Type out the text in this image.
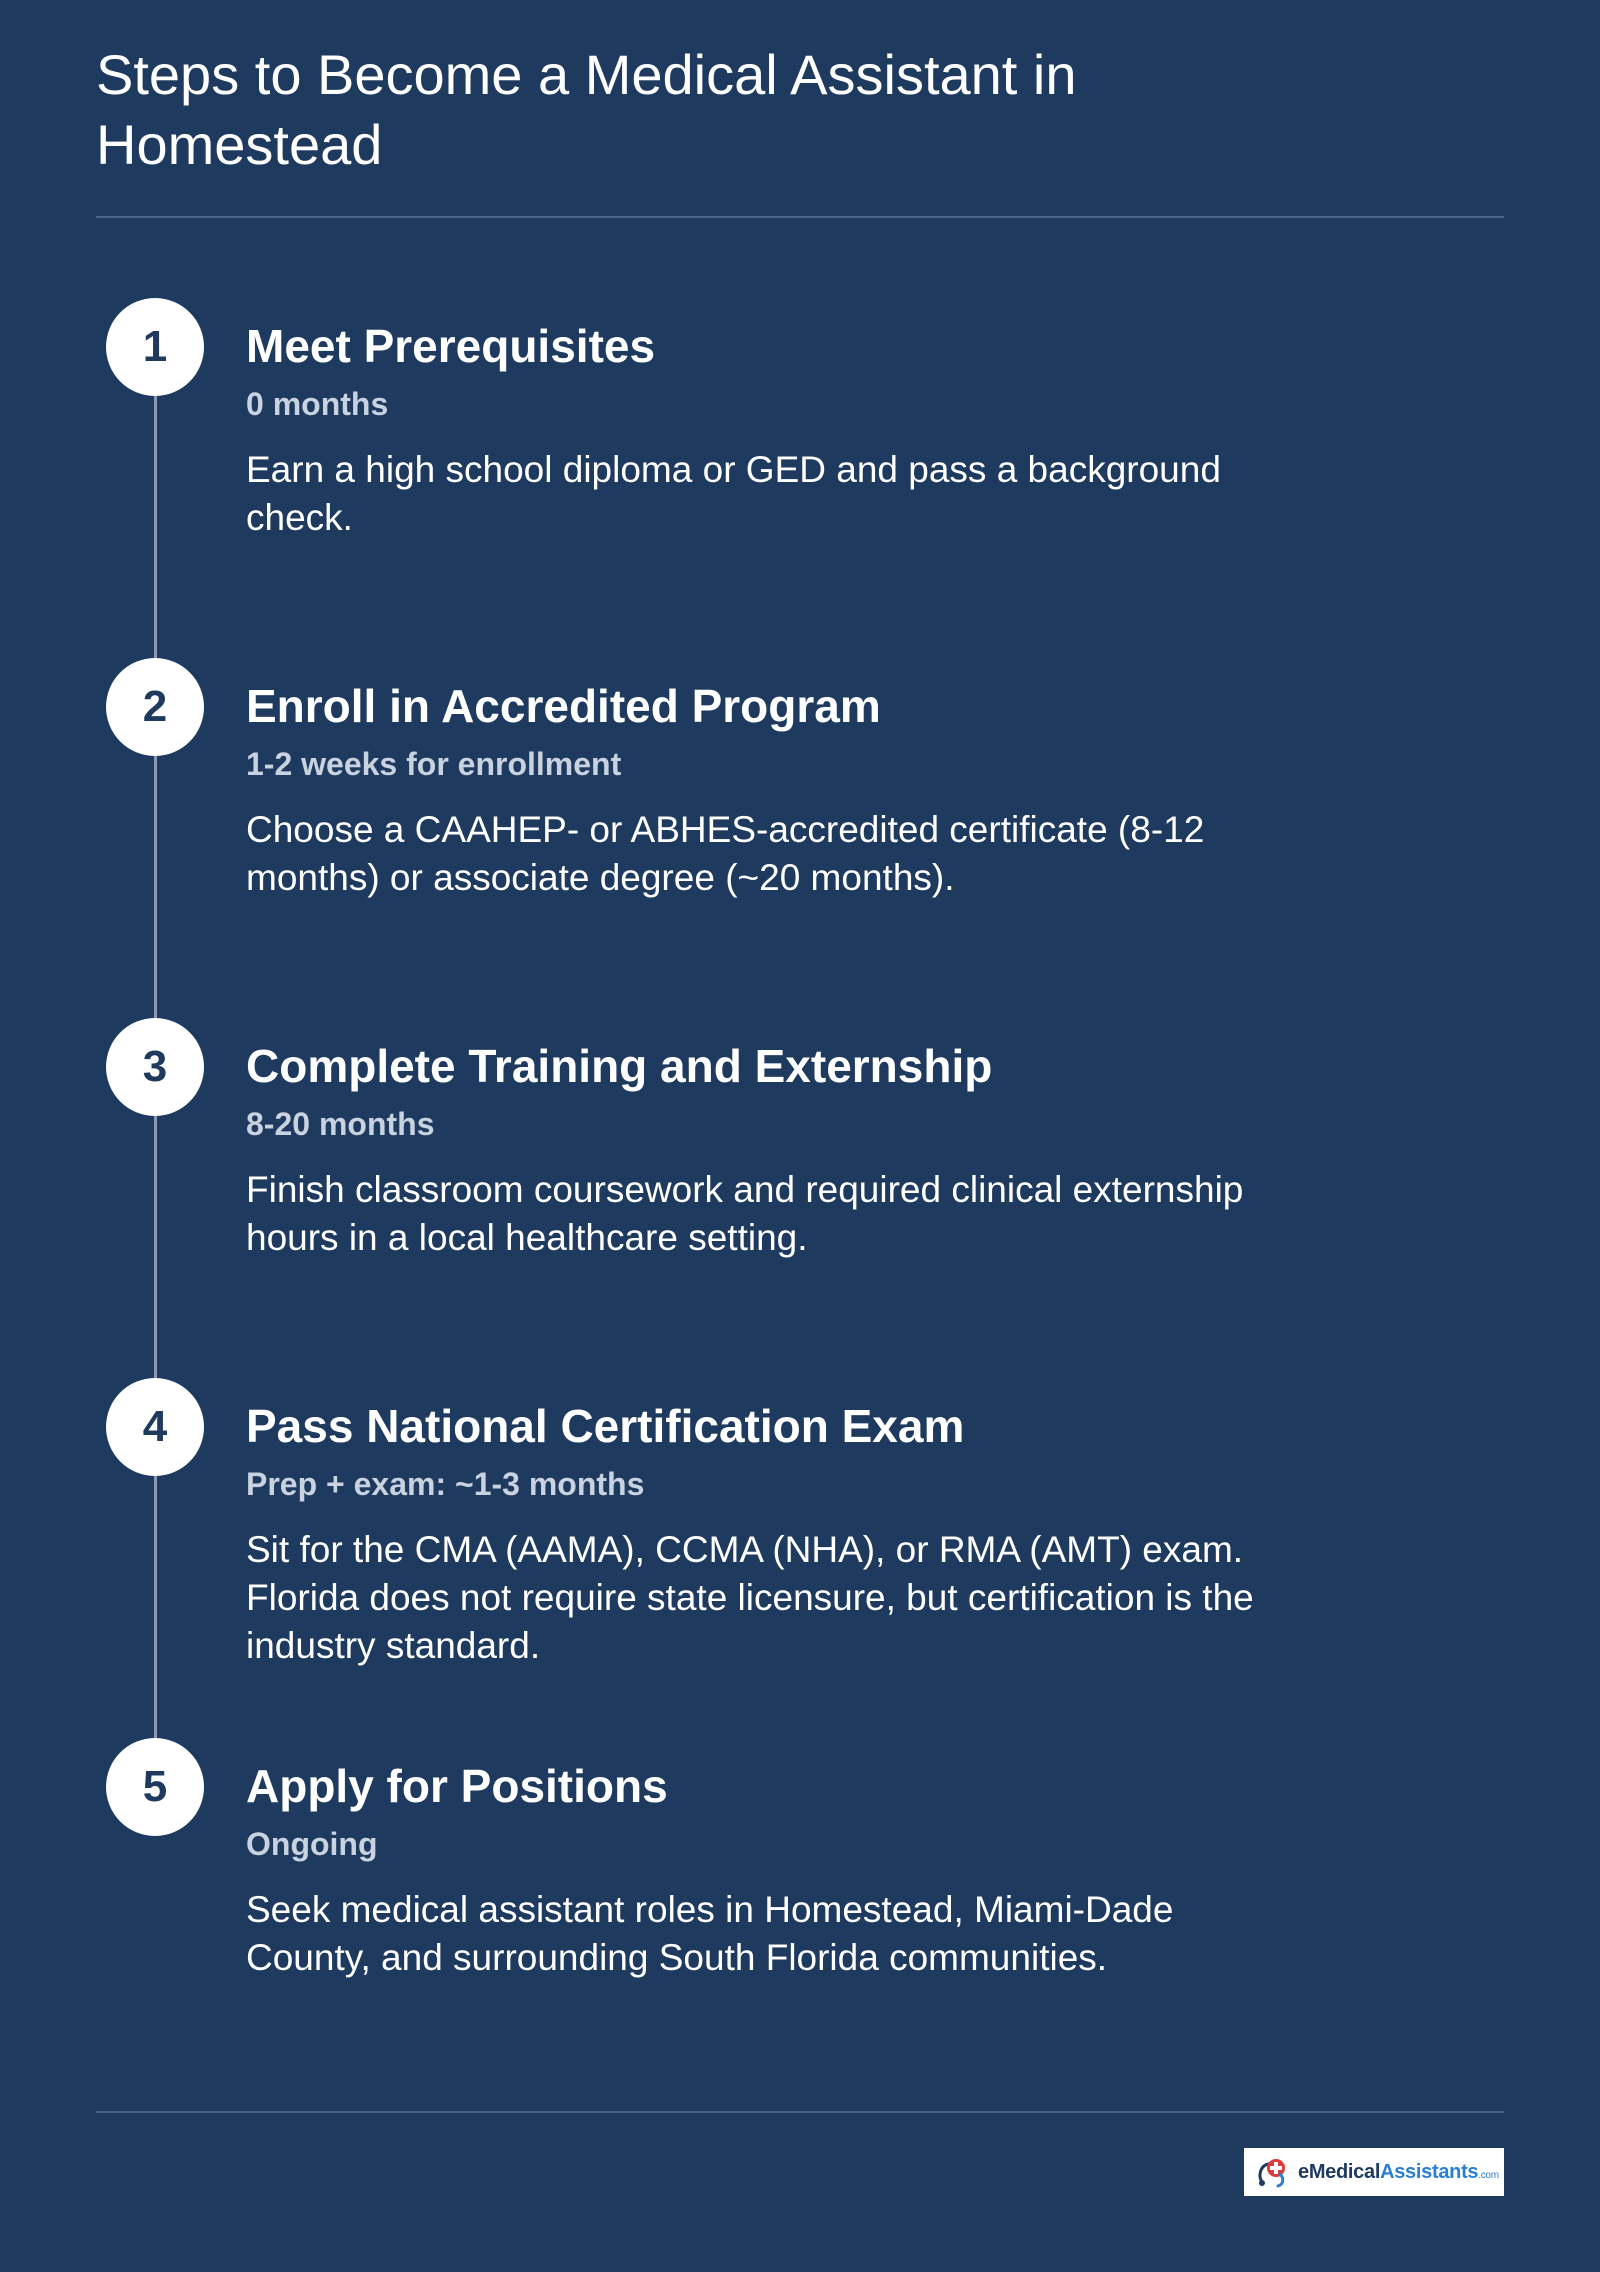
Steps to Become a Medical Assistant in Homestead
1	Meet Prerequisites
0 months

Earn a high school diploma or GED and pass a background check.

2	Enroll in Accredited Program
1-2 weeks for enrollment

Choose a CAAHEP- or ABHES-accredited certificate (8-12 months) or associate degree (~20 months).

3	Complete Training and Externship
8-20 months

Finish classroom coursework and required clinical externship hours in a local healthcare setting.

4	Pass National Certification Exam
Prep + exam: ~1-3 months

Sit for the CMA (AAMA), CCMA (NHA), or RMA (AMT) exam. Florida does not require state licensure, but certification is the industry standard.

5	Apply for Positions
Ongoing

Seek medical assistant roles in Homestead, Miami-Dade County, and surrounding South Florida communities.

eMedicalAssistants.com
